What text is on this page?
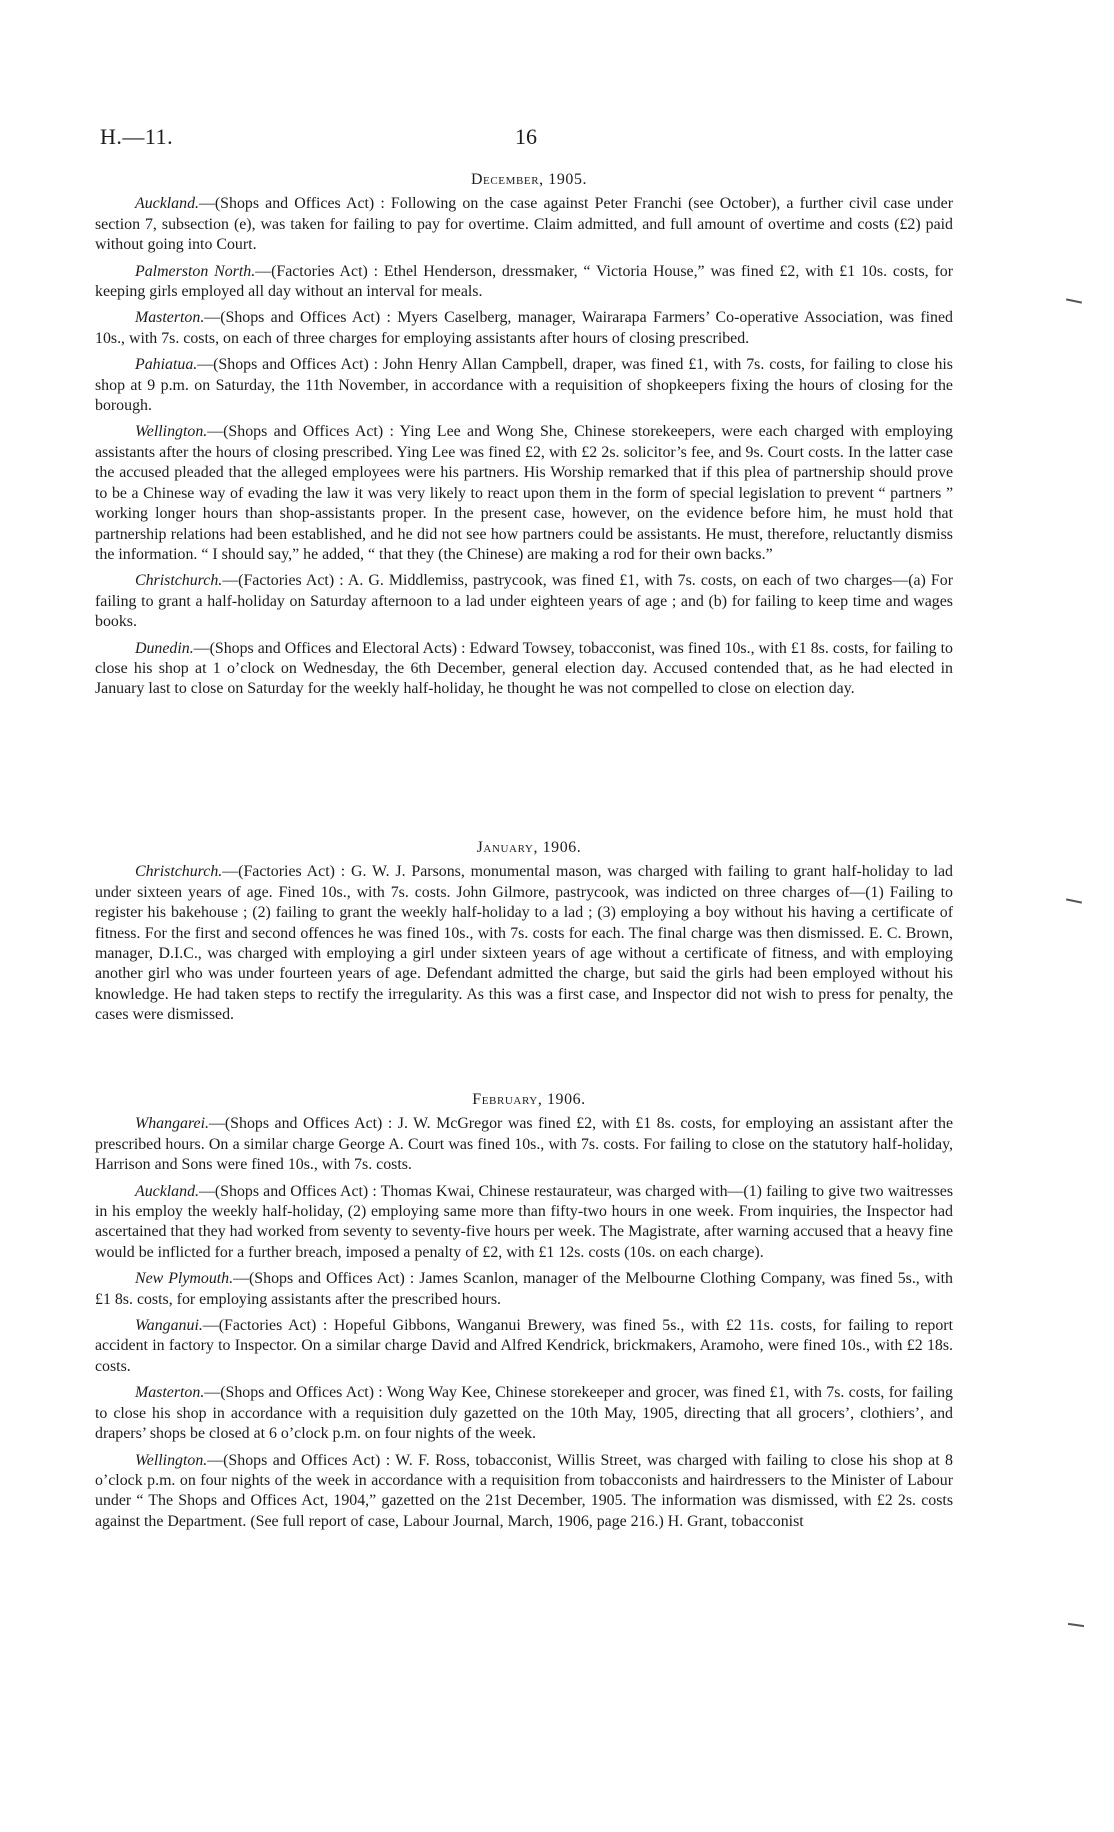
H.—11.	16

December, 1905.

Auckland.—(Shops and Offices Act) : Following on the case against Peter Franchi (see October), a further civil case under section 7, subsection (e), was taken for failing to pay for overtime. Claim admitted, and full amount of overtime and costs (£2) paid without going into Court.

Palmerston North.—(Factories Act) : Ethel Henderson, dressmaker, “ Victoria House,” was fined £2, with £1 10s. costs, for keeping girls employed all day without an interval for meals.

Masterton.—(Shops and Offices Act) : Myers Caselberg, manager, Wairarapa Farmers’ Co-operative Association, was fined 10s., with 7s. costs, on each of three charges for employing assistants after hours of closing prescribed.

Pahiatua.—(Shops and Offices Act) : John Henry Allan Campbell, draper, was fined £1, with 7s. costs, for failing to close his shop at 9 p.m. on Saturday, the 11th November, in accordance with a requisition of shopkeepers fixing the hours of closing for the borough.

Wellington.—(Shops and Offices Act) : Ying Lee and Wong She, Chinese storekeepers, were each charged with employing assistants after the hours of closing prescribed. Ying Lee was fined £2, with £2 2s. solicitor’s fee, and 9s. Court costs. In the latter case the accused pleaded that the alleged employees were his partners. His Worship remarked that if this plea of partnership should prove to be a Chinese way of evading the law it was very likely to react upon them in the form of special legislation to prevent “ partners ” working longer hours than shop-assistants proper. In the present case, however, on the evidence before him, he must hold that partnership relations had been established, and he did not see how partners could be assistants. He must, therefore, reluctantly dismiss the information. “ I should say,” he added, “ that they (the Chinese) are making a rod for their own backs.”

Christchurch.—(Factories Act) : A. G. Middlemiss, pastrycook, was fined £1, with 7s. costs, on each of two charges—(a) For failing to grant a half-holiday on Saturday afternoon to a lad under eighteen years of age ; and (b) for failing to keep time and wages books.

Dunedin.—(Shops and Offices and Electoral Acts) : Edward Towsey, tobacconist, was fined 10s., with £1 8s. costs, for failing to close his shop at 1 o’clock on Wednesday, the 6th December, general election day. Accused contended that, as he had elected in January last to close on Saturday for the weekly half-holiday, he thought he was not compelled to close on election day.

January, 1906.

Christchurch.—(Factories Act) : G. W. J. Parsons, monumental mason, was charged with failing to grant half-holiday to lad under sixteen years of age. Fined 10s., with 7s. costs. John Gilmore, pastrycook, was indicted on three charges of—(1) Failing to register his bakehouse ; (2) failing to grant the weekly half-holiday to a lad ; (3) employing a boy without his having a certificate of fitness. For the first and second offences he was fined 10s., with 7s. costs for each. The final charge was then dismissed. E. C. Brown, manager, D.I.C., was charged with employing a girl under sixteen years of age without a certificate of fitness, and with employing another girl who was under fourteen years of age. Defendant admitted the charge, but said the girls had been employed without his knowledge. He had taken steps to rectify the irregularity. As this was a first case, and Inspector did not wish to press for penalty, the cases were dismissed.

February, 1906.

Whangarei.—(Shops and Offices Act) : J. W. McGregor was fined £2, with £1 8s. costs, for employing an assistant after the prescribed hours. On a similar charge George A. Court was fined 10s., with 7s. costs. For failing to close on the statutory half-holiday, Harrison and Sons were fined 10s., with 7s. costs.

Auckland.—(Shops and Offices Act) : Thomas Kwai, Chinese restaurateur, was charged with—(1) failing to give two waitresses in his employ the weekly half-holiday, (2) employing same more than fifty-two hours in one week. From inquiries, the Inspector had ascertained that they had worked from seventy to seventy-five hours per week. The Magistrate, after warning accused that a heavy fine would be inflicted for a further breach, imposed a penalty of £2, with £1 12s. costs (10s. on each charge).

New Plymouth.—(Shops and Offices Act) : James Scanlon, manager of the Melbourne Clothing Company, was fined 5s., with £1 8s. costs, for employing assistants after the prescribed hours.

Wanganui.—(Factories Act) : Hopeful Gibbons, Wanganui Brewery, was fined 5s., with £2 11s. costs, for failing to report accident in factory to Inspector. On a similar charge David and Alfred Kendrick, brickmakers, Aramoho, were fined 10s., with £2 18s. costs.

Masterton.—(Shops and Offices Act) : Wong Way Kee, Chinese storekeeper and grocer, was fined £1, with 7s. costs, for failing to close his shop in accordance with a requisition duly gazetted on the 10th May, 1905, directing that all grocers’, clothiers’, and drapers’ shops be closed at 6 o’clock p.m. on four nights of the week.

Wellington.—(Shops and Offices Act) : W. F. Ross, tobacconist, Willis Street, was charged with failing to close his shop at 8 o’clock p.m. on four nights of the week in accordance with a requisition from tobacconists and hairdressers to the Minister of Labour under “ The Shops and Offices Act, 1904,” gazetted on the 21st December, 1905. The information was dismissed, with £2 2s. costs against the Department. (See full report of case, Labour Journal, March, 1906, page 216.) H. Grant, tobacconist
